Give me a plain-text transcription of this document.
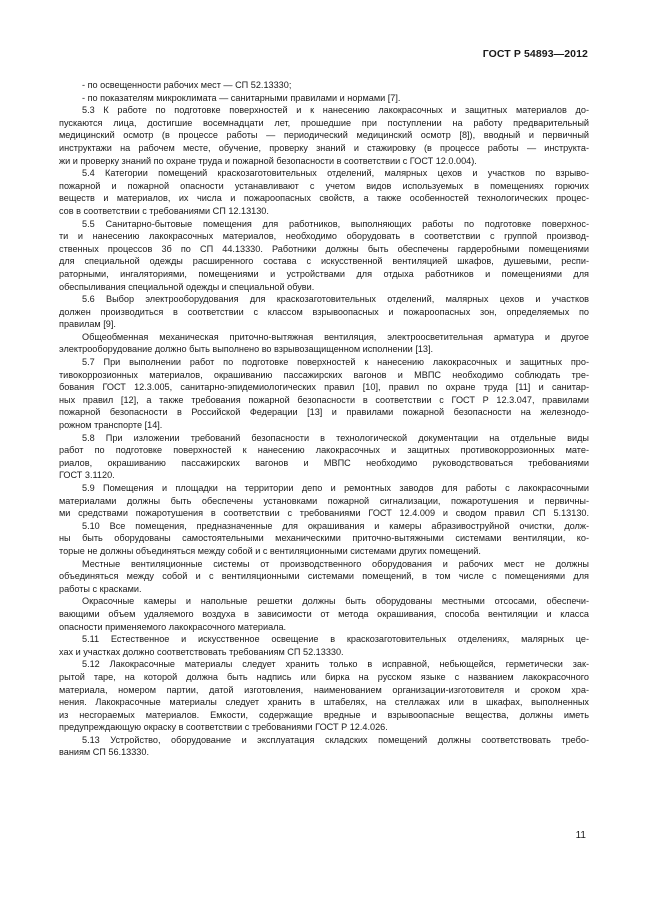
ГОСТ Р 54893—2012
- по освещенности рабочих мест — СП 52.13330;
- по показателям микроклимата — санитарными правилами и нормами [7].
5.3 К работе по подготовке поверхностей и к нанесению лакокрасочных и защитных материалов до-
пускаются лица, достигшие восемнадцати лет, прошедшие при поступлении на работу предварительный
медицинский осмотр (в процессе работы — периодический медицинский осмотр [8]), вводный и первичный
инструктажи на рабочем месте, обучение, проверку знаний и стажировку (в процессе работы — инструкта-
жи и проверку знаний по охране труда и пожарной безопасности в соответствии с ГОСТ 12.0.004).
5.4 Категории помещений краскозаготовительных отделений, малярных цехов и участков по взрыво-
пожарной и пожарной опасности устанавливают с учетом видов используемых в помещениях горючих
веществ и материалов, их числа и пожароопасных свойств, а также особенностей технологических процес-
сов в соответствии с требованиями СП 12.13130.
5.5 Санитарно-бытовые помещения для работников, выполняющих работы по подготовке поверхнос-
ти и нанесению лакокрасочных материалов, необходимо оборудовать в соответствии с группой производ-
ственных процессов 3б по СП 44.13330. Работники должны быть обеспечены гардеробными помещениями
для специальной одежды расширенного состава с искусственной вентиляцией шкафов, душевыми, респи-
раторными, ингаляториями, помещениями и устройствами для отдыха работников и помещениями для
обеспыливания специальной одежды и специальной обуви.
5.6 Выбор электрооборудования для краскозаготовительных отделений, малярных цехов и участков
должен производиться в соответствии с классом взрывоопасных и пожароопасных зон, определяемых по
правилам [9].
Общеобменная механическая приточно-вытяжная вентиляция, электроосветительная арматура и другое
электрооборудование должно быть выполнено во взрывозащищенном исполнении [13].
5.7 При выполнении работ по подготовке поверхностей к нанесению лакокрасочных и защитных про-
тивокоррозионных материалов, окрашиванию пассажирских вагонов и МВПС необходимо соблюдать тре-
бования ГОСТ 12.3.005, санитарно-эпидемиологических правил [10], правил по охране труда [11] и санитар-
ных правил [12], а также требования пожарной безопасности в соответствии с ГОСТ Р 12.3.047, правилами
пожарной безопасности в Российской Федерации [13] и правилами пожарной безопасности на железнодо-
рожном транспорте [14].
5.8 При изложении требований безопасности в технологической документации на отдельные виды
работ по подготовке поверхностей к нанесению лакокрасочных и защитных противокоррозионных мате-
риалов, окрашиванию пассажирских вагонов и МВПС необходимо руководствоваться требованиями
ГОСТ 3.1120.
5.9 Помещения и площадки на территории депо и ремонтных заводов для работы с лакокрасочными
материалами должны быть обеспечены установками пожарной сигнализации, пожаротушения и первичны-
ми средствами пожаротушения в соответствии с требованиями ГОСТ 12.4.009 и сводом правил СП 5.13130.
5.10 Все помещения, предназначенные для окрашивания и камеры абразивоструйной очистки, долж-
ны быть оборудованы самостоятельными механическими приточно-вытяжными системами вентиляции, ко-
торые не должны объединяться между собой и с вентиляционными системами других помещений.
Местные вентиляционные системы от производственного оборудования и рабочих мест не должны
объединяться между собой и с вентиляционными системами помещений, в том числе с помещениями для
работы с красками.
Окрасочные камеры и напольные решетки должны быть оборудованы местными отсосами, обеспечи-
вающими объем удаляемого воздуха в зависимости от метода окрашивания, способа вентиляции и класса
опасности применяемого лакокрасочного материала.
5.11 Естественное и искусственное освещение в краскозаготовительных отделениях, малярных це-
хах и участках должно соответствовать требованиям СП 52.13330.
5.12 Лакокрасочные материалы следует хранить только в исправной, небьющейся, герметически зак-
рытой таре, на которой должна быть надпись или бирка на русском языке с названием лакокрасочного
материала, номером партии, датой изготовления, наименованием организации-изготовителя и сроком хра-
нения. Лакокрасочные материалы следует хранить в штабелях, на стеллажах или в шкафах, выполненных
из несгораемых материалов. Емкости, содержащие вредные и взрывоопасные вещества, должны иметь
предупреждающую окраску в соответствии с требованиями ГОСТ Р 12.4.026.
5.13 Устройство, оборудование и эксплуатация складских помещений должны соответствовать требо-
ваниям СП 56.13330.
11
